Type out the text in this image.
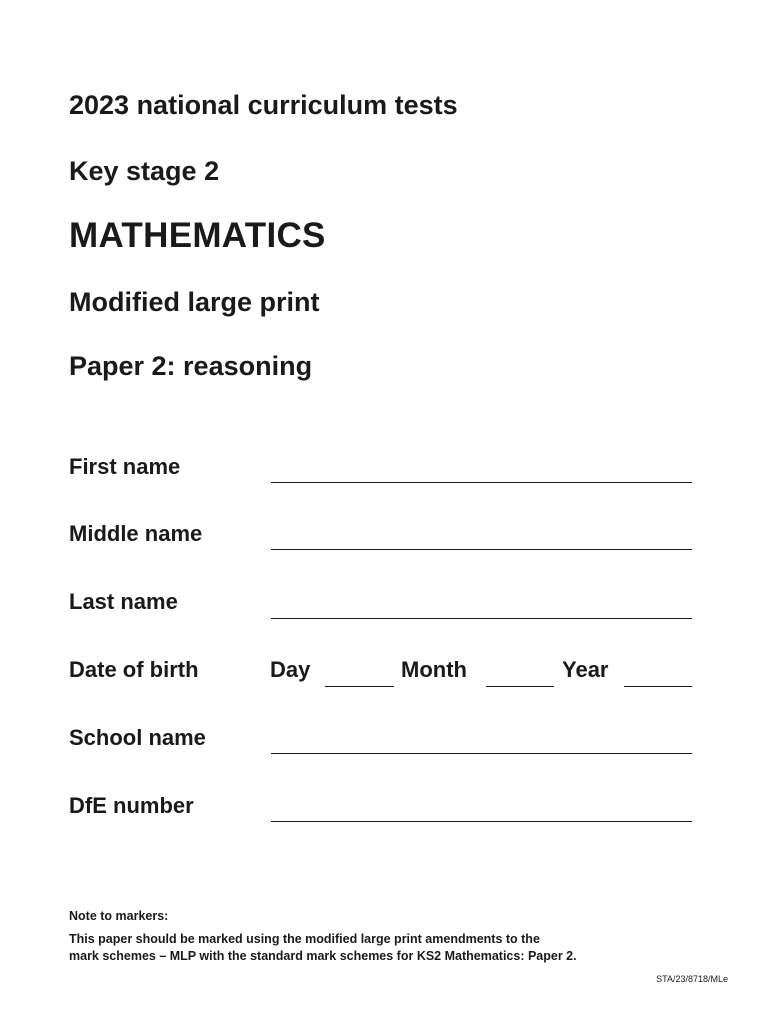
2023 national curriculum tests
Key stage 2
MATHEMATICS
Modified large print
Paper 2: reasoning
First name
Middle name
Last name
Date of birth	Day	Month	Year
School name
DfE number
Note to markers:
This paper should be marked using the modified large print amendments to the
mark schemes – MLP with the standard mark schemes for KS2 Mathematics: Paper 2.
STA/23/8718/MLe
